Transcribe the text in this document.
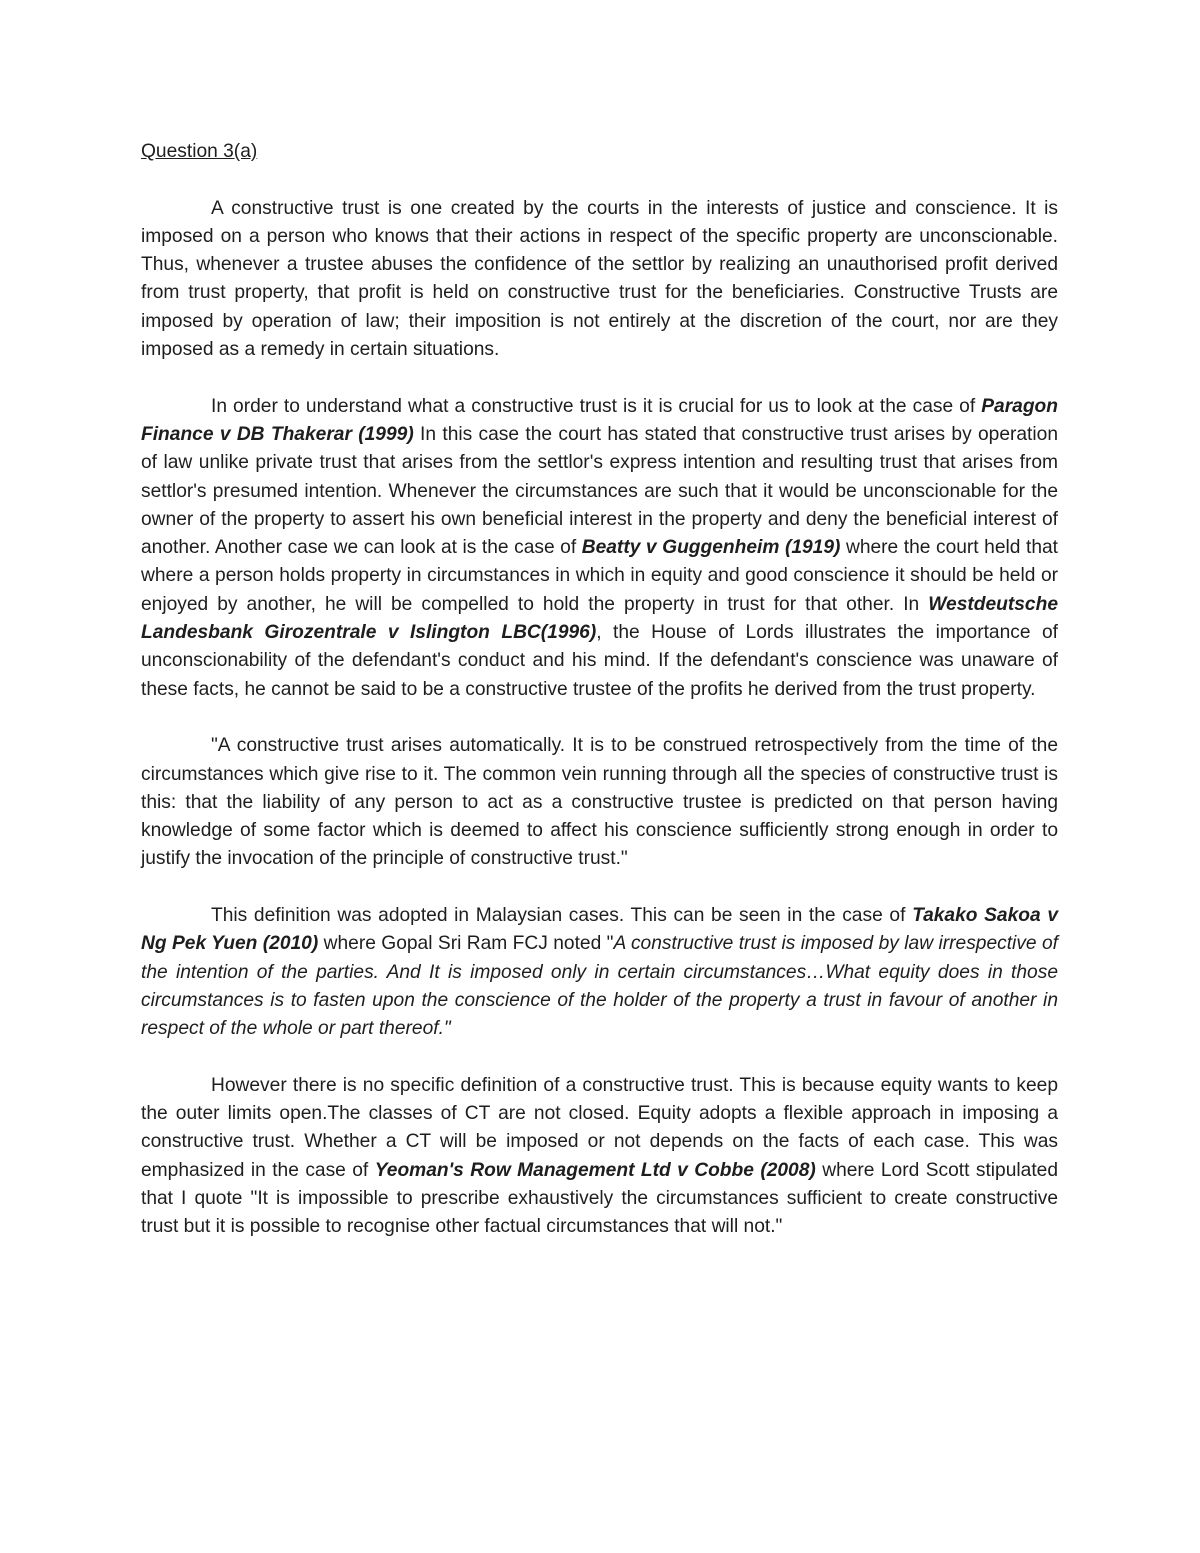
Question 3(a)

A constructive trust is one created by the courts in the interests of justice and conscience. It is imposed on a person who knows that their actions in respect of the specific property are unconscionable. Thus, whenever a trustee abuses the confidence of the settlor by realizing an unauthorised profit derived from trust property, that profit is held on constructive trust for the beneficiaries. Constructive Trusts are imposed by operation of law; their imposition is not entirely at the discretion of the court, nor are they imposed as a remedy in certain situations.

In order to understand what a constructive trust is it is crucial for us to look at the case of Paragon Finance v DB Thakerar (1999) In this case the court has stated that constructive trust arises by operation of law unlike private trust that arises from the settlor's express intention and resulting trust that arises from settlor's presumed intention. Whenever the circumstances are such that it would be unconscionable for the owner of the property to assert his own beneficial interest in the property and deny the beneficial interest of another. Another case we can look at is the case of Beatty v Guggenheim (1919) where the court held that where a person holds property in circumstances in which in equity and good conscience it should be held or enjoyed by another, he will be compelled to hold the property in trust for that other. In Westdeutsche Landesbank Girozentrale v Islington LBC(1996), the House of Lords illustrates the importance of unconscionability of the defendant's conduct and his mind. If the defendant's conscience was unaware of these facts, he cannot be said to be a constructive trustee of the profits he derived from the trust property.

"A constructive trust arises automatically. It is to be construed retrospectively from the time of the circumstances which give rise to it. The common vein running through all the species of constructive trust is this: that the liability of any person to act as a constructive trustee is predicted on that person having knowledge of some factor which is deemed to affect his conscience sufficiently strong enough in order to justify the invocation of the principle of constructive trust."

This definition was adopted in Malaysian cases. This can be seen in the case of Takako Sakoa v Ng Pek Yuen (2010) where Gopal Sri Ram FCJ noted "A constructive trust is imposed by law irrespective of the intention of the parties. And It is imposed only in certain circumstances…What equity does in those circumstances is to fasten upon the conscience of the holder of the property a trust in favour of another in respect of the whole or part thereof."

However there is no specific definition of a constructive trust. This is because equity wants to keep the outer limits open.The classes of CT are not closed. Equity adopts a flexible approach in imposing a constructive trust. Whether a CT will be imposed or not depends on the facts of each case. This was emphasized in the case of Yeoman's Row Management Ltd v Cobbe (2008) where Lord Scott stipulated that I quote "It is impossible to prescribe exhaustively the circumstances sufficient to create constructive trust but it is possible to recognise other factual circumstances that will not."
